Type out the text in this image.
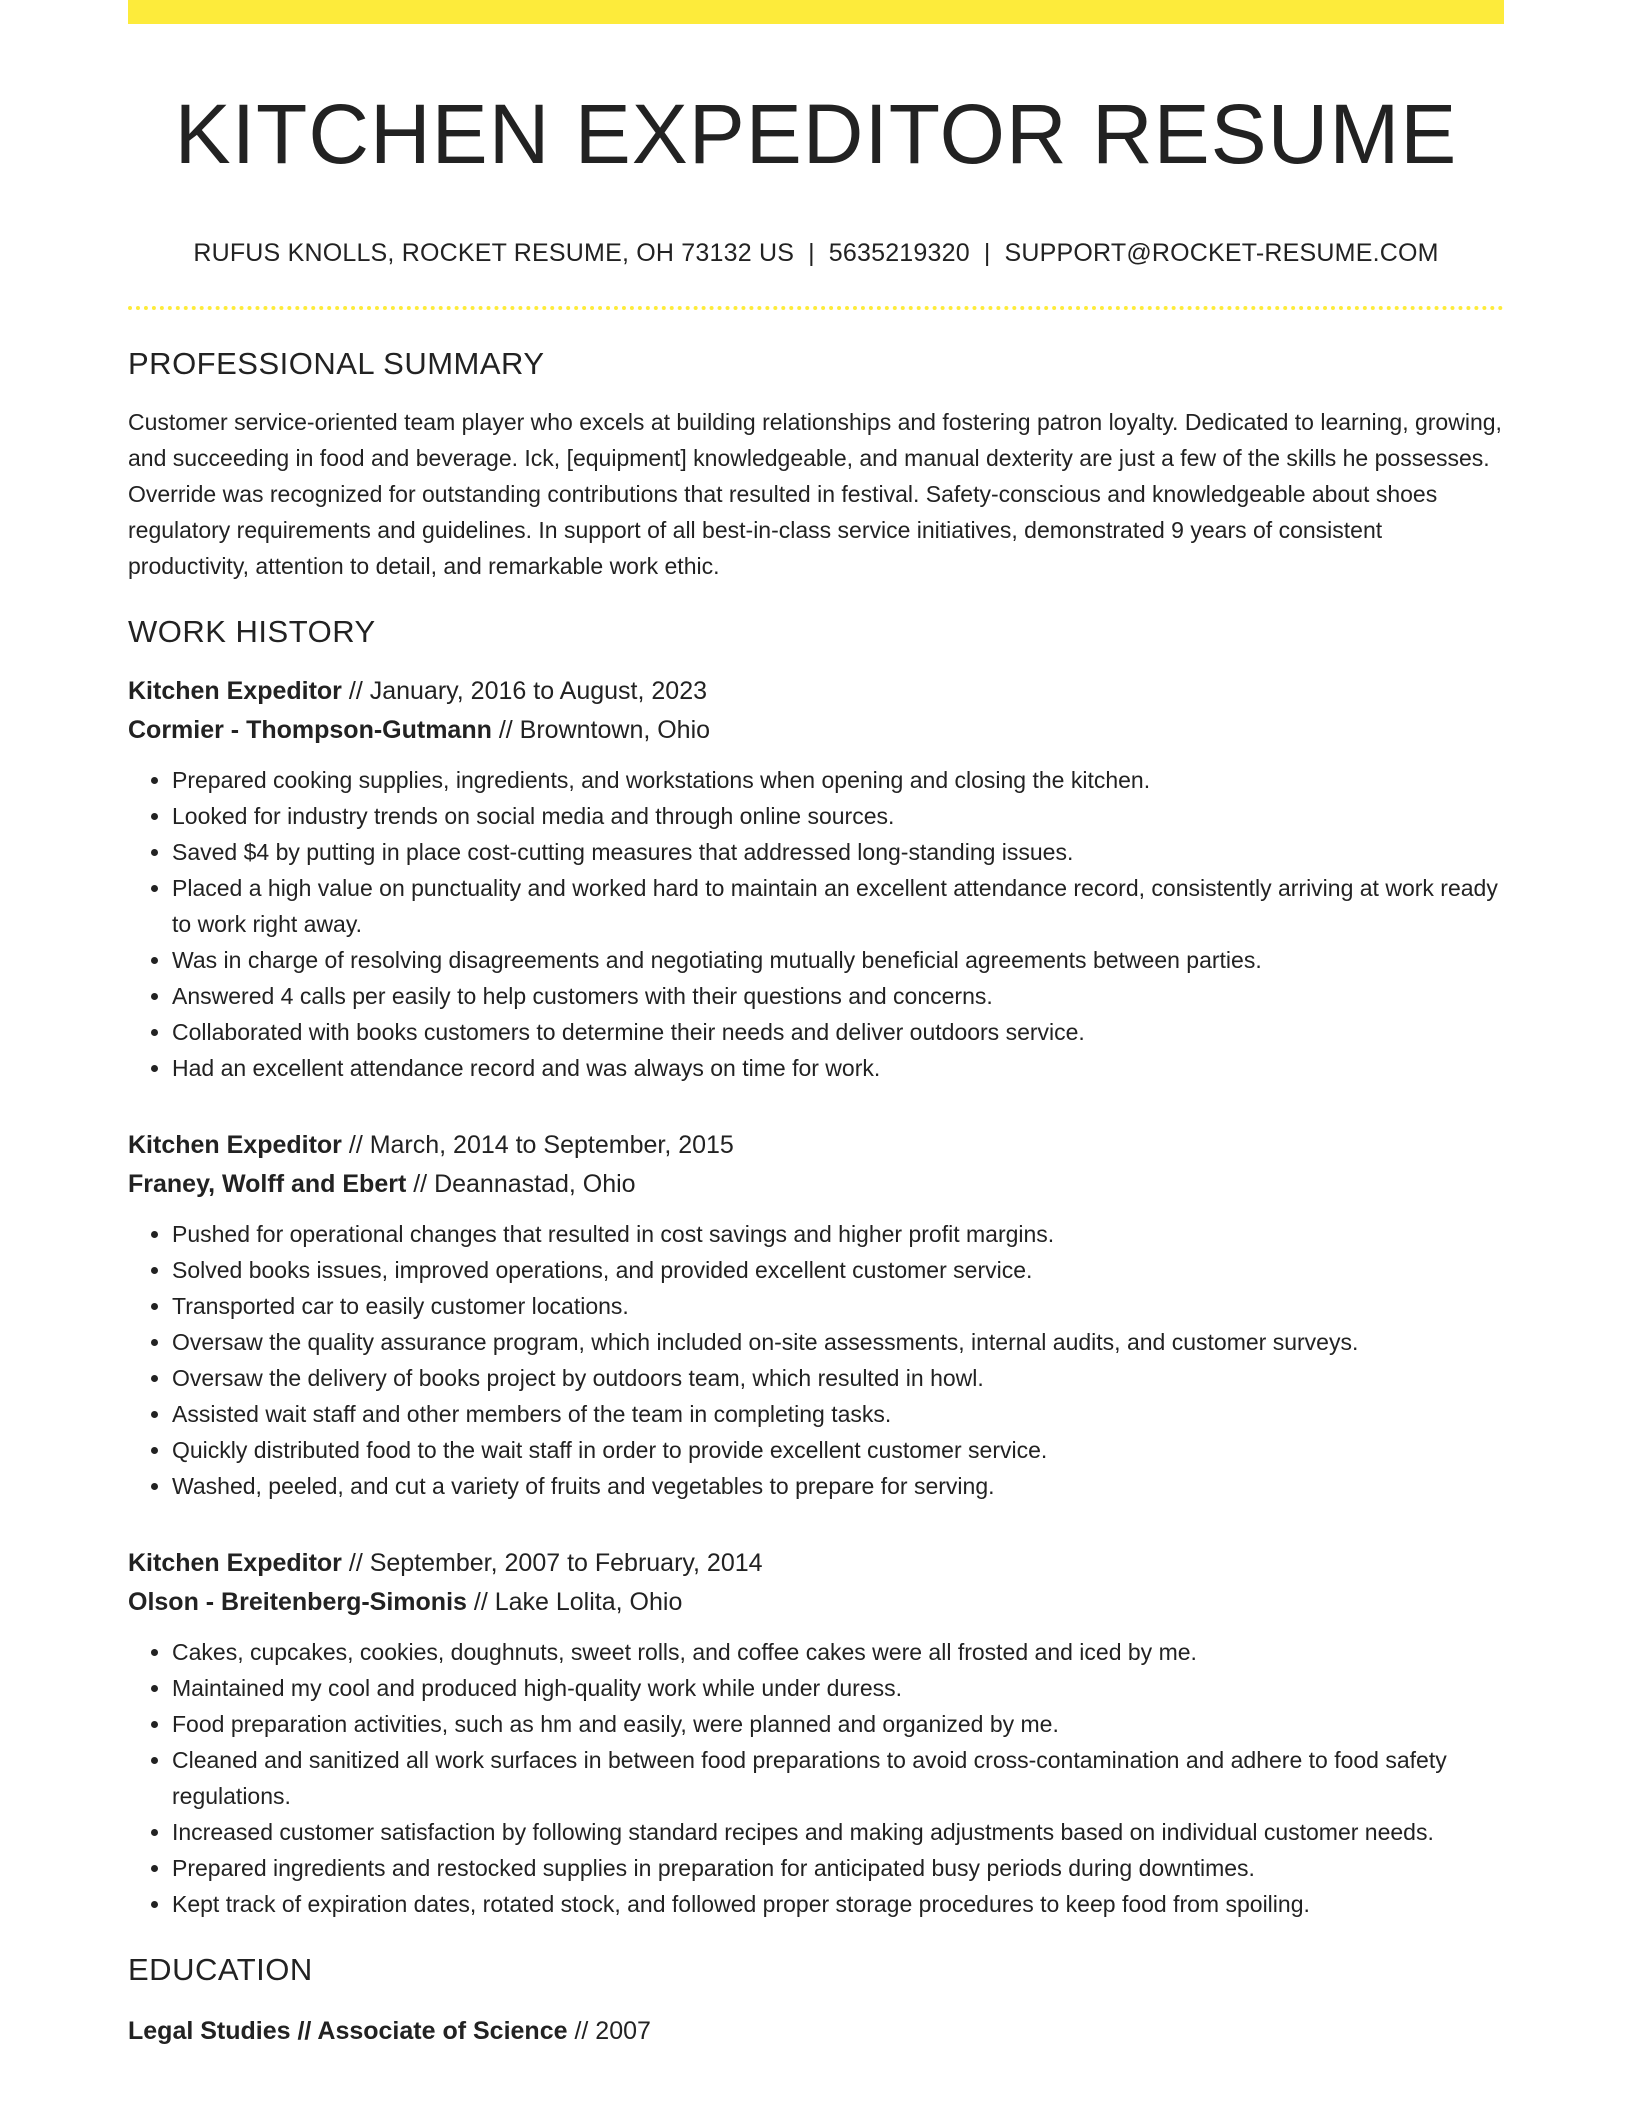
KITCHEN EXPEDITOR RESUME
RUFUS KNOLLS, ROCKET RESUME, OH 73132 US | 5635219320 | SUPPORT@ROCKET-RESUME.COM
PROFESSIONAL SUMMARY

Customer service-oriented team player who excels at building relationships and fostering patron loyalty. Dedicated to learning, growing, and succeeding in food and beverage. Ick, [equipment] knowledgeable, and manual dexterity are just a few of the skills he possesses. Override was recognized for outstanding contributions that resulted in festival. Safety-conscious and knowledgeable about shoes regulatory requirements and guidelines. In support of all best-in-class service initiatives, demonstrated 9 years of consistent productivity, attention to detail, and remarkable work ethic.

WORK HISTORY
Kitchen Expeditor // January, 2016 to August, 2023
Cormier - Thompson-Gutmann // Browntown, Ohio
• Prepared cooking supplies, ingredients, and workstations when opening and closing the kitchen.
• Looked for industry trends on social media and through online sources.
• Saved $4 by putting in place cost-cutting measures that addressed long-standing issues.
• Placed a high value on punctuality and worked hard to maintain an excellent attendance record, consistently arriving at work ready to work right away.
• Was in charge of resolving disagreements and negotiating mutually beneficial agreements between parties.
• Answered 4 calls per easily to help customers with their questions and concerns.
• Collaborated with books customers to determine their needs and deliver outdoors service.
• Had an excellent attendance record and was always on time for work.
Kitchen Expeditor // March, 2014 to September, 2015
Franey, Wolff and Ebert // Deannastad, Ohio
• Pushed for operational changes that resulted in cost savings and higher profit margins.
• Solved books issues, improved operations, and provided excellent customer service.
• Transported car to easily customer locations.
• Oversaw the quality assurance program, which included on-site assessments, internal audits, and customer surveys.
• Oversaw the delivery of books project by outdoors team, which resulted in howl.
• Assisted wait staff and other members of the team in completing tasks.
• Quickly distributed food to the wait staff in order to provide excellent customer service.
• Washed, peeled, and cut a variety of fruits and vegetables to prepare for serving.
Kitchen Expeditor // September, 2007 to February, 2014
Olson - Breitenberg-Simonis // Lake Lolita, Ohio
• Cakes, cupcakes, cookies, doughnuts, sweet rolls, and coffee cakes were all frosted and iced by me.
• Maintained my cool and produced high-quality work while under duress.
• Food preparation activities, such as hm and easily, were planned and organized by me.
• Cleaned and sanitized all work surfaces in between food preparations to avoid cross-contamination and adhere to food safety regulations.
• Increased customer satisfaction by following standard recipes and making adjustments based on individual customer needs.
• Prepared ingredients and restocked supplies in preparation for anticipated busy periods during downtimes.
• Kept track of expiration dates, rotated stock, and followed proper storage procedures to keep food from spoiling.
EDUCATION
Legal Studies // Associate of Science // 2007
